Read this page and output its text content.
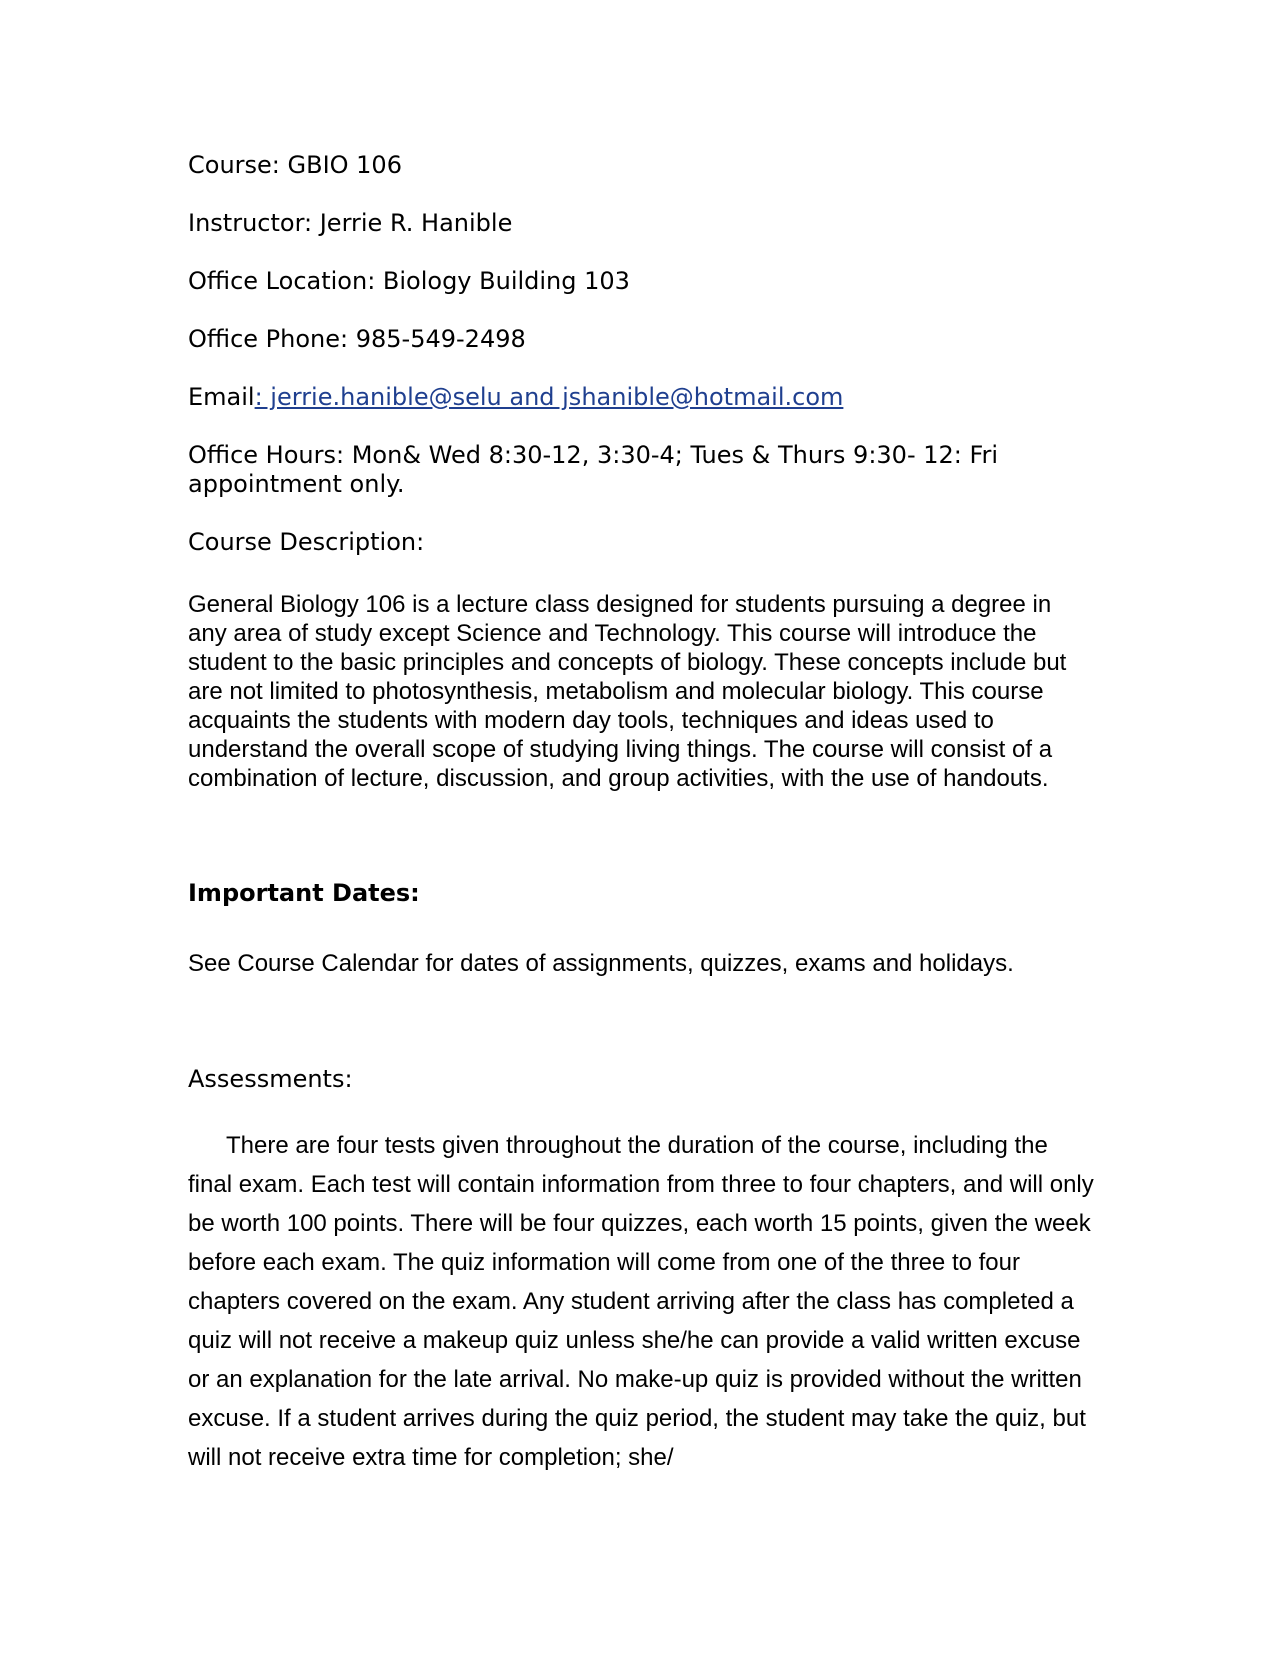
Course: GBIO 106

Instructor: Jerrie R. Hanible

Office Location: Biology Building 103

Office Phone: 985-549-2498

Email: jerrie.hanible@selu and jshanible@hotmail.com

Office Hours: Mon& Wed 8:30-12, 3:30-4; Tues & Thurs 9:30- 12: Fri appointment only.

Course Description:

General Biology 106 is a lecture class designed for students pursuing a degree in any area of study except Science and Technology. This course will introduce the student to the basic principles and concepts of biology. These concepts include but are not limited to photosynthesis, metabolism and molecular biology. This course acquaints the students with modern day tools, techniques and ideas used to understand the overall scope of studying living things. The course will consist of a combination of lecture, discussion, and group activities, with the use of handouts.

Important Dates:

See Course Calendar for dates of assignments, quizzes, exams and holidays.

Assessments:

There are four tests given throughout the duration of the course, including the final exam. Each test will contain information from three to four chapters, and will only be worth 100 points. There will be four quizzes, each worth 15 points, given the week before each exam. The quiz information will come from one of the three to four chapters covered on the exam. Any student arriving after the class has completed a quiz will not receive a makeup quiz unless she/he can provide a valid written excuse or an explanation for the late arrival. No make-up quiz is provided without the written excuse. If a student arrives during the quiz period, the student may take the quiz, but will not receive extra time for completion; she/
